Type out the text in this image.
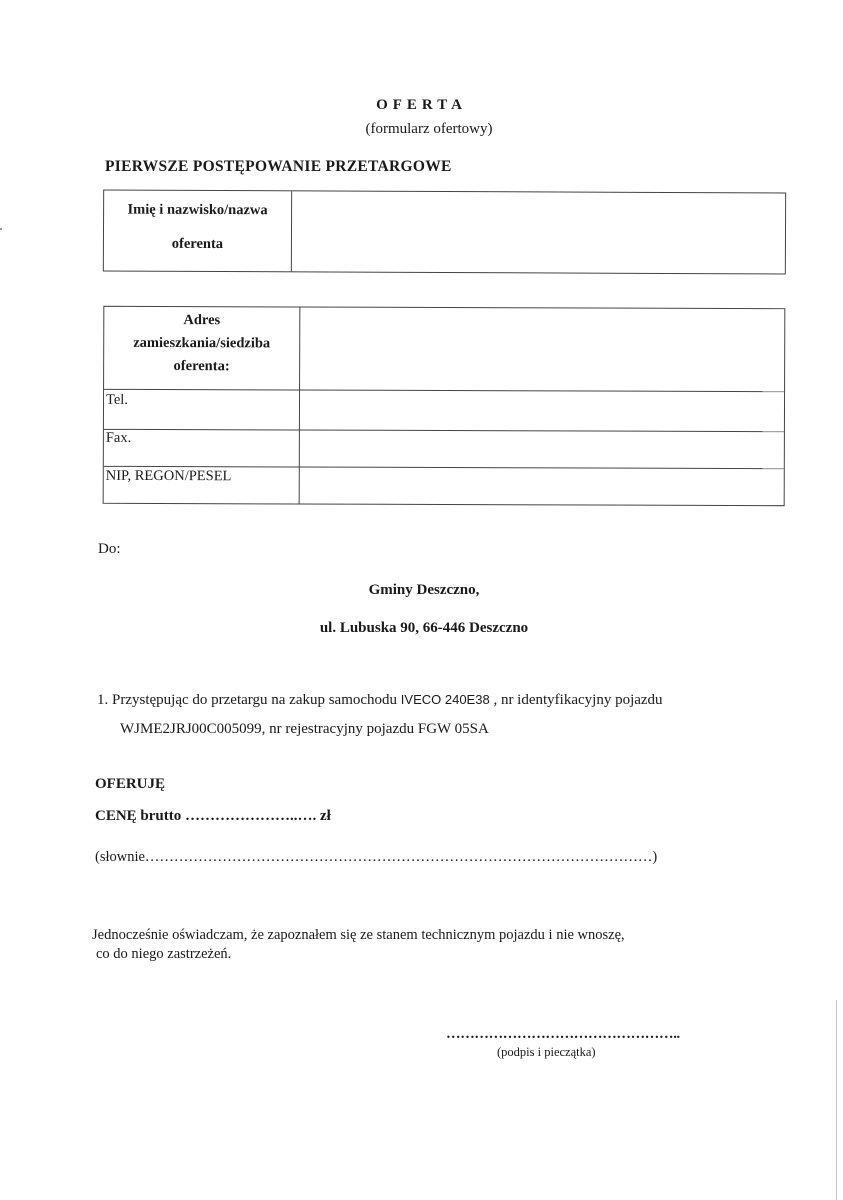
OFERTA
(formularz ofertowy)
PIERWSZE POSTĘPOWANIE PRZETARGOWE
Imię i nazwisko/nazwa
oferenta
Adres
zamieszkania/siedziba
oferenta:
Tel.
Fax.
NIP, REGON/PESEL
Do:
Gminy Deszczno,
ul. Lubuska 90, 66-446 Deszczno
1. Przystępując do przetargu na zakup samochodu IVECO 240E38 , nr identyfikacyjny pojazdu
WJME2JRJ00C005099, nr rejestracyjny pojazdu FGW 05SA
OFERUJĘ
CENĘ brutto …………………..…. zł
(słownie……………………………………………………………………………………………)
Jednocześnie oświadczam, że zapoznałem się ze stanem technicznym pojazdu i nie wnoszę,
co do niego zastrzeżeń.
…………………………………………..
(podpis i pieczątka)
